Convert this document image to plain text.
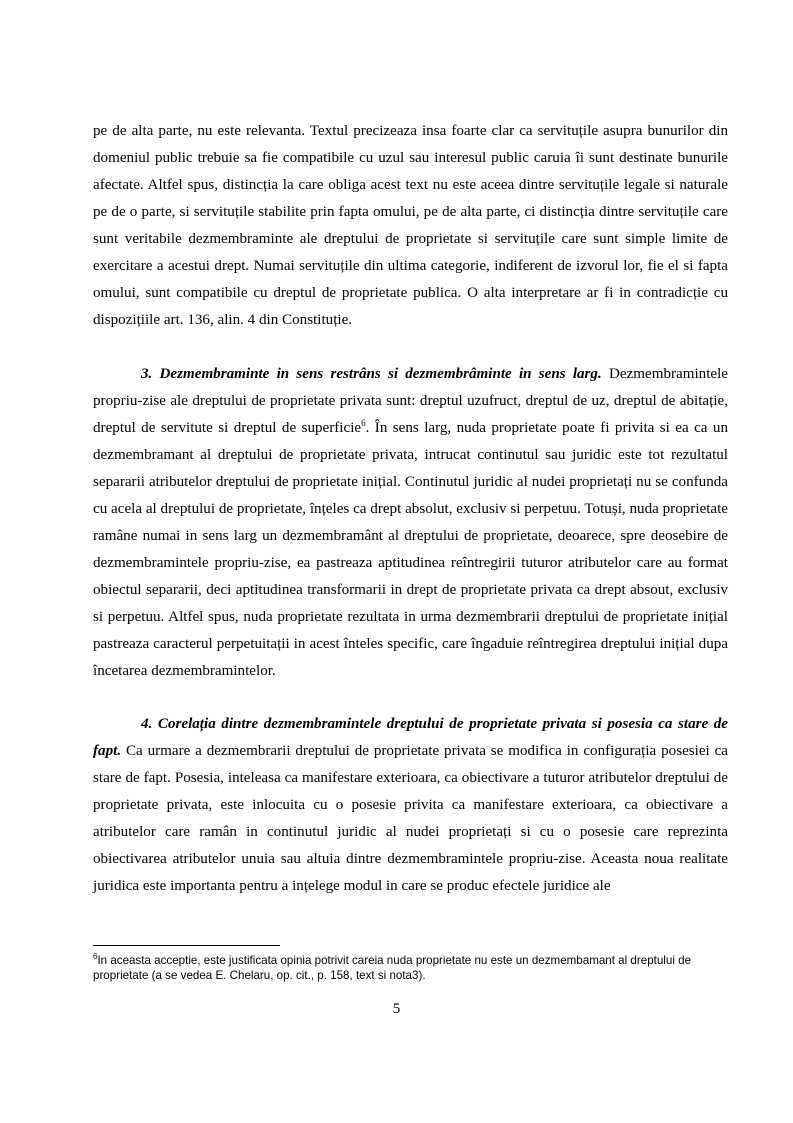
pe de alta parte, nu este relevanta. Textul precizeaza insa foarte clar ca servituțile asupra bunurilor din domeniul public trebuie sa fie compatibile cu uzul sau interesul public caruia îi sunt destinate bunurile afectate. Altfel spus, distincția la care obliga acest text nu este aceea dintre servituțile legale si naturale pe de o parte, si servituțile stabilite prin fapta omului, pe de alta parte, ci distincția dintre servituțile care sunt veritabile dezmembraminte ale dreptului de proprietate si servituțile care sunt simple limite de exercitare a acestui drept. Numai servituțile din ultima categorie, indiferent de izvorul lor, fie el si fapta omului, sunt compatibile cu dreptul de proprietate publica. O alta interpretare ar fi in contradicție cu dispozițiile art. 136, alin. 4 din Constituție.

3. Dezmembraminte in sens restrâns si dezmembrâminte in sens larg. Dezmembramintele propriu-zise ale dreptului de proprietate privata sunt: dreptul uzufruct, dreptul de uz, dreptul de abitație, dreptul de servitute si dreptul de superficie$^6$. În sens larg, nuda proprietate poate fi privita si ea ca un dezmembramant al dreptului de proprietate privata, intrucat continutul sau juridic este tot rezultatul separarii atributelor dreptului de proprietate inițial. Continutul juridic al nudei proprietați nu se confunda cu acela al dreptului de proprietate, înțeles ca drept absolut, exclusiv si perpetuu. Totuși, nuda proprietate ramâne numai in sens larg un dezmembramânt al dreptului de proprietate, deoarece, spre deosebire de dezmembramintele propriu-zise, ea pastreaza aptitudinea reîntregirii tuturor atributelor care au format obiectul separarii, deci aptitudinea transformarii in drept de proprietate privata ca drept absout, exclusiv si perpetuu. Altfel spus, nuda proprietate rezultata in urma dezmembrarii dreptului de proprietate inițial pastreaza caracterul perpetuitații in acest înteles specific, care îngaduie reîntregirea dreptului inițial dupa încetarea dezmembramintelor.

4. Corelația dintre dezmembramintele dreptului de proprietate privata si posesia ca stare de fapt. Ca urmare a dezmembrarii dreptului de proprietate privata se modifica in configurația posesiei ca stare de fapt. Posesia, inteleasa ca manifestare exterioara, ca obiectivare a tuturor atributelor dreptului de proprietate privata, este inlocuita cu o posesie privita ca manifestare exterioara, ca obiectivare a atributelor care ramân in continutul juridic al nudei proprietați si cu o posesie care reprezinta obiectivarea atributelor unuia sau altuia dintre dezmembramintele propriu-zise. Aceasta noua realitate juridica este importanta pentru a ințelege modul in care se produc efectele juridice ale

$^6$In aceasta acceptie, este justificata opinia potrivit careia nuda proprietate nu este un dezmembamant al dreptului de proprietate (a se vedea E. Chelaru, op. cit., p. 158, text si nota3).

5
